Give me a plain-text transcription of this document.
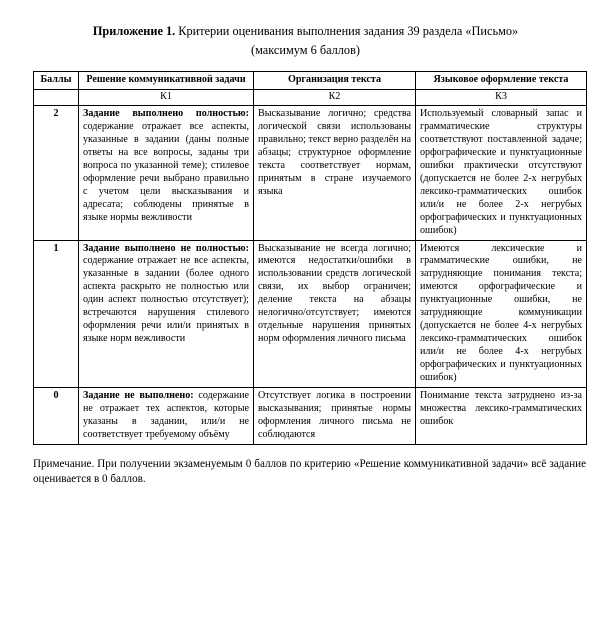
Приложение 1. Критерии оценивания выполнения задания 39 раздела «Письмо»
(максимум 6 баллов)
Баллы	Решение коммуникативной задачи	Организация текста	Языковое оформление текста
	К1	К2	К3
2	Задание выполнено полностью: содержание отражает все аспекты, указанные в задании (даны полные ответы на все вопросы, заданы три вопроса по указанной теме); стилевое оформление речи выбрано правильно с учетом цели высказывания и адресата; соблюдены принятые в языке нормы вежливости	Высказывание логично; средства логической связи использованы правильно; текст верно разделён на абзацы; структурное оформление текста соответствует нормам, принятым в стране изучаемого языка	Используемый словарный запас и грамматические структуры соответствуют поставленной задаче; орфографические и пунктуационные ошибки практически отсутствуют (допускается не более 2-х негрубых лексико-грамматических ошибок или/и не более 2-х негрубых орфографических и пунктуационных ошибок)
1	Задание выполнено не полностью: содержание отражает не все аспекты, указанные в задании (более одного аспекта раскрыто не полностью или один аспект полностью отсутствует); встречаются нарушения стилевого оформления речи или/и принятых в языке норм вежливости	Высказывание не всегда логично; имеются недостатки/ошибки в использовании средств логической связи, их выбор ограничен; деление текста на абзацы нелогично/отсутствует; имеются отдельные нарушения принятых норм оформления личного письма	Имеются лексические и грамматические ошибки, не затрудняющие понимания текста; имеются орфографические и пунктуационные ошибки, не затрудняющие коммуникации (допускается не более 4-х негрубых лексико-грамматических ошибок или/и не более 4-х негрубых орфографических и пунктуационных ошибок)
0	Задание не выполнено: содержание не отражает тех аспектов, которые указаны в задании, или/и не соответствует требуемому объёму	Отсутствует логика в построении высказывания; принятые нормы оформления личного письма не соблюдаются	Понимание текста затруднено из-за множества лексико-грамматических ошибок
Примечание. При получении экзаменуемым 0 баллов по критерию «Решение коммуникативной задачи» всё задание оценивается в 0 баллов.
